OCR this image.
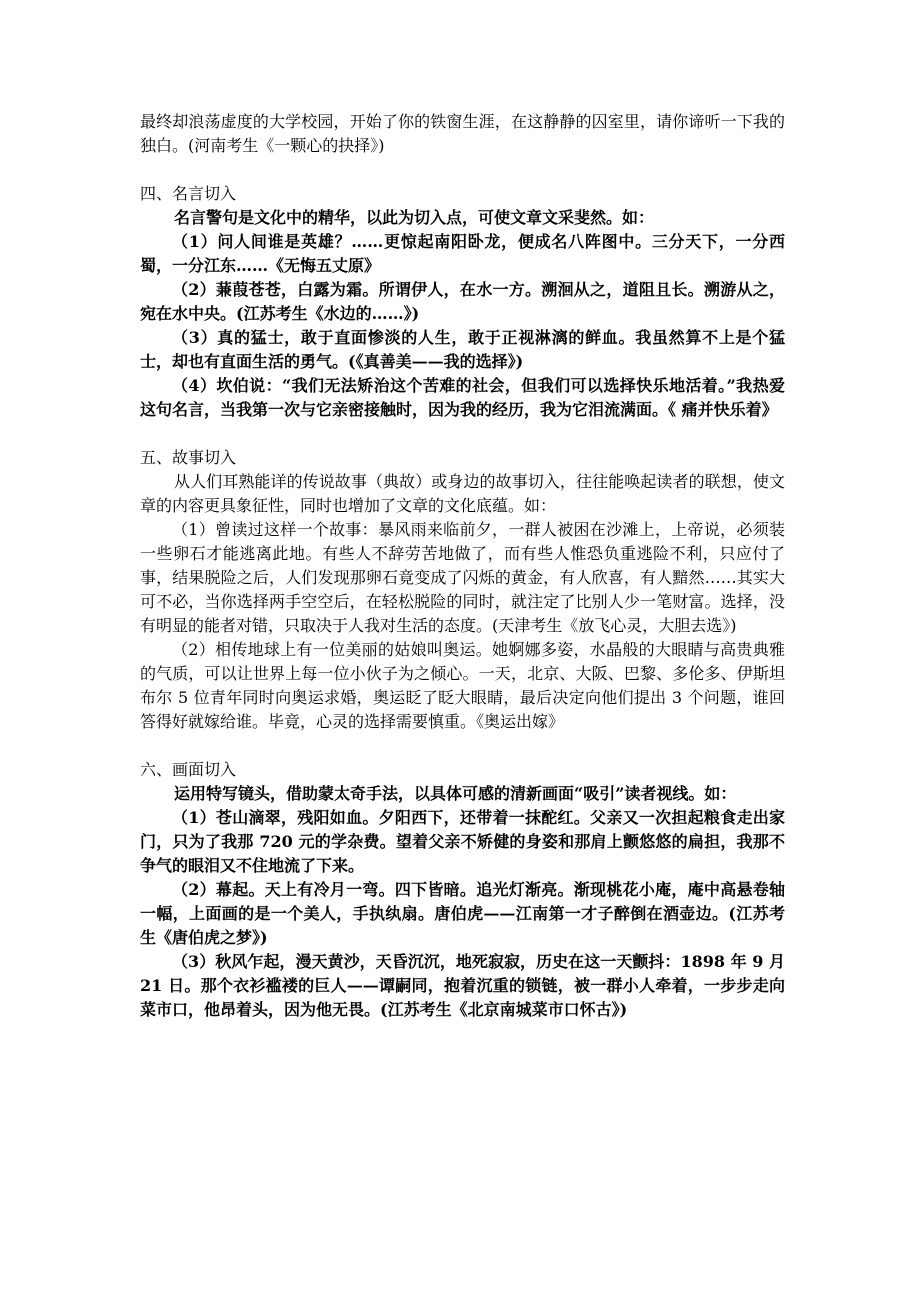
最终却浪荡虚度的大学校园，开始了你的铁窗生涯，在这静静的囚室里，请你谛听一下我的独白。(河南考生《一颗心的抉择》)

四、名言切入

名言警句是文化中的精华，以此为切入点，可使文章文采斐然。如：

（1）问人间谁是英雄？……更惊起南阳卧龙，便成名八阵图中。三分天下，一分西蜀，一分江东……《无悔五丈原》

（2）蒹葭苍苍，白露为霜。所谓伊人，在水一方。溯洄从之，道阻且长。溯游从之，宛在水中央。(江苏考生《水边的……》)

（3）真的猛士，敢于直面惨淡的人生，敢于正视淋漓的鲜血。我虽然算不上是个猛士，却也有直面生活的勇气。(《真善美——我的选择》)

（4）坎伯说：“我们无法矫治这个苦难的社会，但我们可以选择快乐地活着。”我热爱这句名言，当我第一次与它亲密接触时，因为我的经历，我为它泪流满面。《 痛并快乐着》

五、故事切入

从人们耳熟能详的传说故事（典故）或身边的故事切入，往往能唤起读者的联想，使文章的内容更具象征性，同时也增加了文章的文化底蕴。如：

（1）曾读过这样一个故事：暴风雨来临前夕，一群人被困在沙滩上，上帝说，必须装一些卵石才能逃离此地。有些人不辞劳苦地做了，而有些人惟恐负重逃险不利，只应付了事，结果脱险之后，人们发现那卵石竟变成了闪烁的黄金，有人欣喜，有人黯然……其实大可不必，当你选择两手空空后，在轻松脱险的同时，就注定了比别人少一笔财富。选择，没有明显的能者对错，只取决于人我对生活的态度。(天津考生《放飞心灵，大胆去选》)

（2）相传地球上有一位美丽的姑娘叫奥运。她婀娜多姿，水晶般的大眼睛与高贵典雅的气质，可以让世界上每一位小伙子为之倾心。一天，北京、大阪、巴黎、多伦多、伊斯坦布尔 5 位青年同时向奥运求婚，奥运眨了眨大眼睛，最后决定向他们提出 3 个问题，谁回答得好就嫁给谁。毕竟，心灵的选择需要慎重。《奥运出嫁》

六、画面切入

运用特写镜头，借助蒙太奇手法，以具体可感的清新画面“吸引”读者视线。如：

（1）苍山滴翠，残阳如血。夕阳西下，还带着一抹酡红。父亲又一次担起粮食走出家门，只为了我那 720 元的学杂费。望着父亲不矫健的身姿和那肩上颤悠悠的扁担，我那不争气的眼泪又不住地流了下来。

（2）幕起。天上有冷月一弯。四下皆暗。追光灯渐亮。渐现桃花小庵，庵中高悬卷轴一幅，上面画的是一个美人，手执纨扇。唐伯虎——江南第一才子醉倒在酒壶边。(江苏考生《唐伯虎之梦》)

（3）秋风乍起，漫天黄沙，天昏沉沉，地死寂寂，历史在这一天颤抖：1898 年 9 月 21 日。那个衣衫褴褛的巨人——谭嗣同，抱着沉重的锁链，被一群小人牵着，一步步走向菜市口，他昂着头，因为他无畏。(江苏考生《北京南城菜市口怀古》)
